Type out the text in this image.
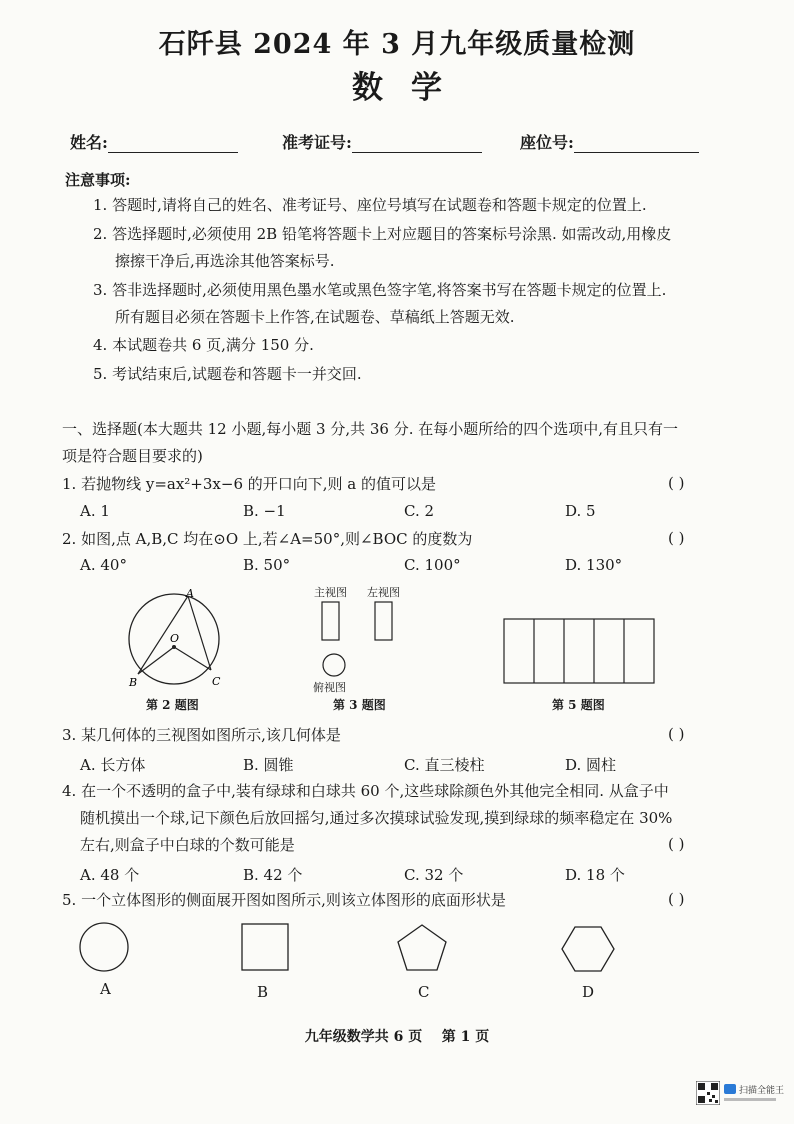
石阡县 2024 年 3 月九年级质量检测
数学
姓名:	准考证号:	座位号:
注意事项:
1. 答题时,请将自己的姓名、准考证号、座位号填写在试题卷和答题卡规定的位置上.
2. 答选择题时,必须使用 2B 铅笔将答题卡上对应题目的答案标号涂黑. 如需改动,用橡皮
擦擦干净后,再选涂其他答案标号.
3. 答非选择题时,必须使用黑色墨水笔或黑色签字笔,将答案书写在答题卡规定的位置上.
所有题目必须在答题卡上作答,在试题卷、草稿纸上答题无效.
4. 本试题卷共 6 页,满分 150 分.
5. 考试结束后,试题卷和答题卡一并交回.
一、选择题(本大题共 12 小题,每小题 3 分,共 36 分. 在每小题所给的四个选项中,有且只有一
项是符合题目要求的)
1. 若抛物线 y=ax²+3x−6 的开口向下,则 a 的值可以是	( )
A. 1	B. −1	C. 2	D. 5
2. 如图,点 A,B,C 均在⊙O 上,若∠A=50°,则∠BOC 的度数为	( )
A. 40°	B. 50°	C. 100°	D. 130°
A
O
B	C
第 2 题图
主视图 左视图
俯视图
第 3 题图	第 5 题图
3. 某几何体的三视图如图所示,该几何体是	( )
A. 长方体	B. 圆锥	C. 直三棱柱	D. 圆柱
4. 在一个不透明的盒子中,装有绿球和白球共 60 个,这些球除颜色外其他完全相同. 从盒子中
随机摸出一个球,记下颜色后放回摇匀,通过多次摸球试验发现,摸到绿球的频率稳定在 30%
左右,则盒子中白球的个数可能是	( )
A. 48 个	B. 42 个	C. 32 个	D. 18 个
5. 一个立体图形的侧面展开图如图所示,则该立体图形的底面形状是	( )
A	B	C	D
九年级数学共 6 页    第 1 页
扫描全能王
